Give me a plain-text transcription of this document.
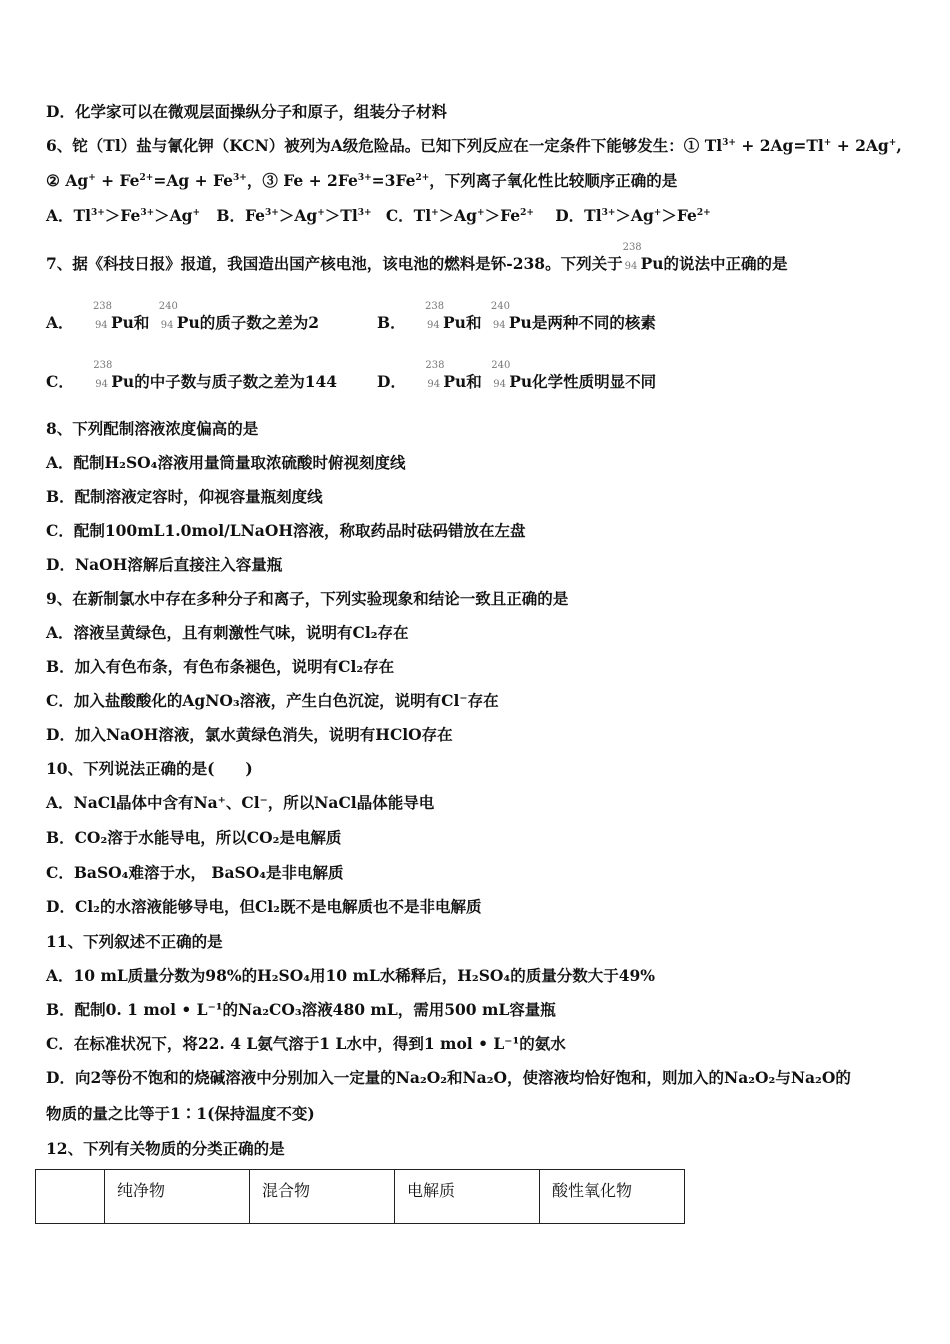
D．化学家可以在微观层面操纵分子和原子，组装分子材料
6、铊（Tl）盐与氰化钾（KCN）被列为A级危险品。已知下列反应在一定条件下能够发生：① $Tl^{3+} + 2Ag=Tl^+ + 2Ag^+$,
② $Ag^+ + Fe^{2+}=Ag + Fe^{3+}$，③ $Fe + 2Fe^{3+}=3Fe^{2+}$，下列离子氧化性比较顺序正确的是
A．$Tl^{3+}>Fe^{3+}>Ag^+$ B．$Fe^{3+}>Ag^+>Tl^{3+}$ C．$Tl^+>Ag^+>Fe^{2+}$ D．$Tl^{3+}>Ag^+>Fe^{2+}$
7、据《科技日报》报道，我国造出国产核电池，该电池的燃料是钚-238。下列关于
238
94 Pu的说法中正确的是
A．
238
94 Pu和
240
94 Pu的质子数之差为2	B．
238
94 Pu和
240
94 Pu是两种不同的核素
C．
238
94 Pu的中子数与质子数之差为144	D．
238
94 Pu和
240
94 Pu化学性质明显不同
8、下列配制溶液浓度偏高的是
A．配制H₂SO₄溶液用量筒量取浓硫酸时俯视刻度线
B．配制溶液定容时，仰视容量瓶刻度线
C．配制100mL1.0mol/LNaOH溶液，称取药品时砝码错放在左盘
D．NaOH溶解后直接注入容量瓶
9、在新制氯水中存在多种分子和离子，下列实验现象和结论一致且正确的是
A．溶液呈黄绿色，且有刺激性气味，说明有Cl₂存在
B．加入有色布条，有色布条褪色，说明有Cl₂存在
C．加入盐酸酸化的AgNO₃溶液，产生白色沉淀，说明有Cl⁻存在
D．加入NaOH溶液，氯水黄绿色消失，说明有HClO存在
10、下列说法正确的是(　　)
A．NaCl晶体中含有Na⁺、Cl⁻，所以NaCl晶体能导电
B．CO₂溶于水能导电，所以CO₂是电解质
C．BaSO₄难溶于水， BaSO₄是非电解质
D．Cl₂的水溶液能够导电，但Cl₂既不是电解质也不是非电解质
11、下列叙述不正确的是
A．10 mL质量分数为98%的H₂SO₄用10 mL水稀释后，H₂SO₄的质量分数大于49%
B．配制0. 1 mol • L⁻¹的Na₂CO₃溶液480 mL，需用500 mL容量瓶
C．在标准状况下，将22. 4 L氨气溶于1 L水中，得到1 mol • L⁻¹的氨水
D．向2等份不饱和的烧碱溶液中分别加入一定量的Na₂O₂和Na₂O，使溶液均恰好饱和，则加入的Na₂O₂与Na₂O的
物质的量之比等于1∶1(保持温度不变)
12、下列有关物质的分类正确的是
	纯净物	混合物	电解质	酸性氧化物
